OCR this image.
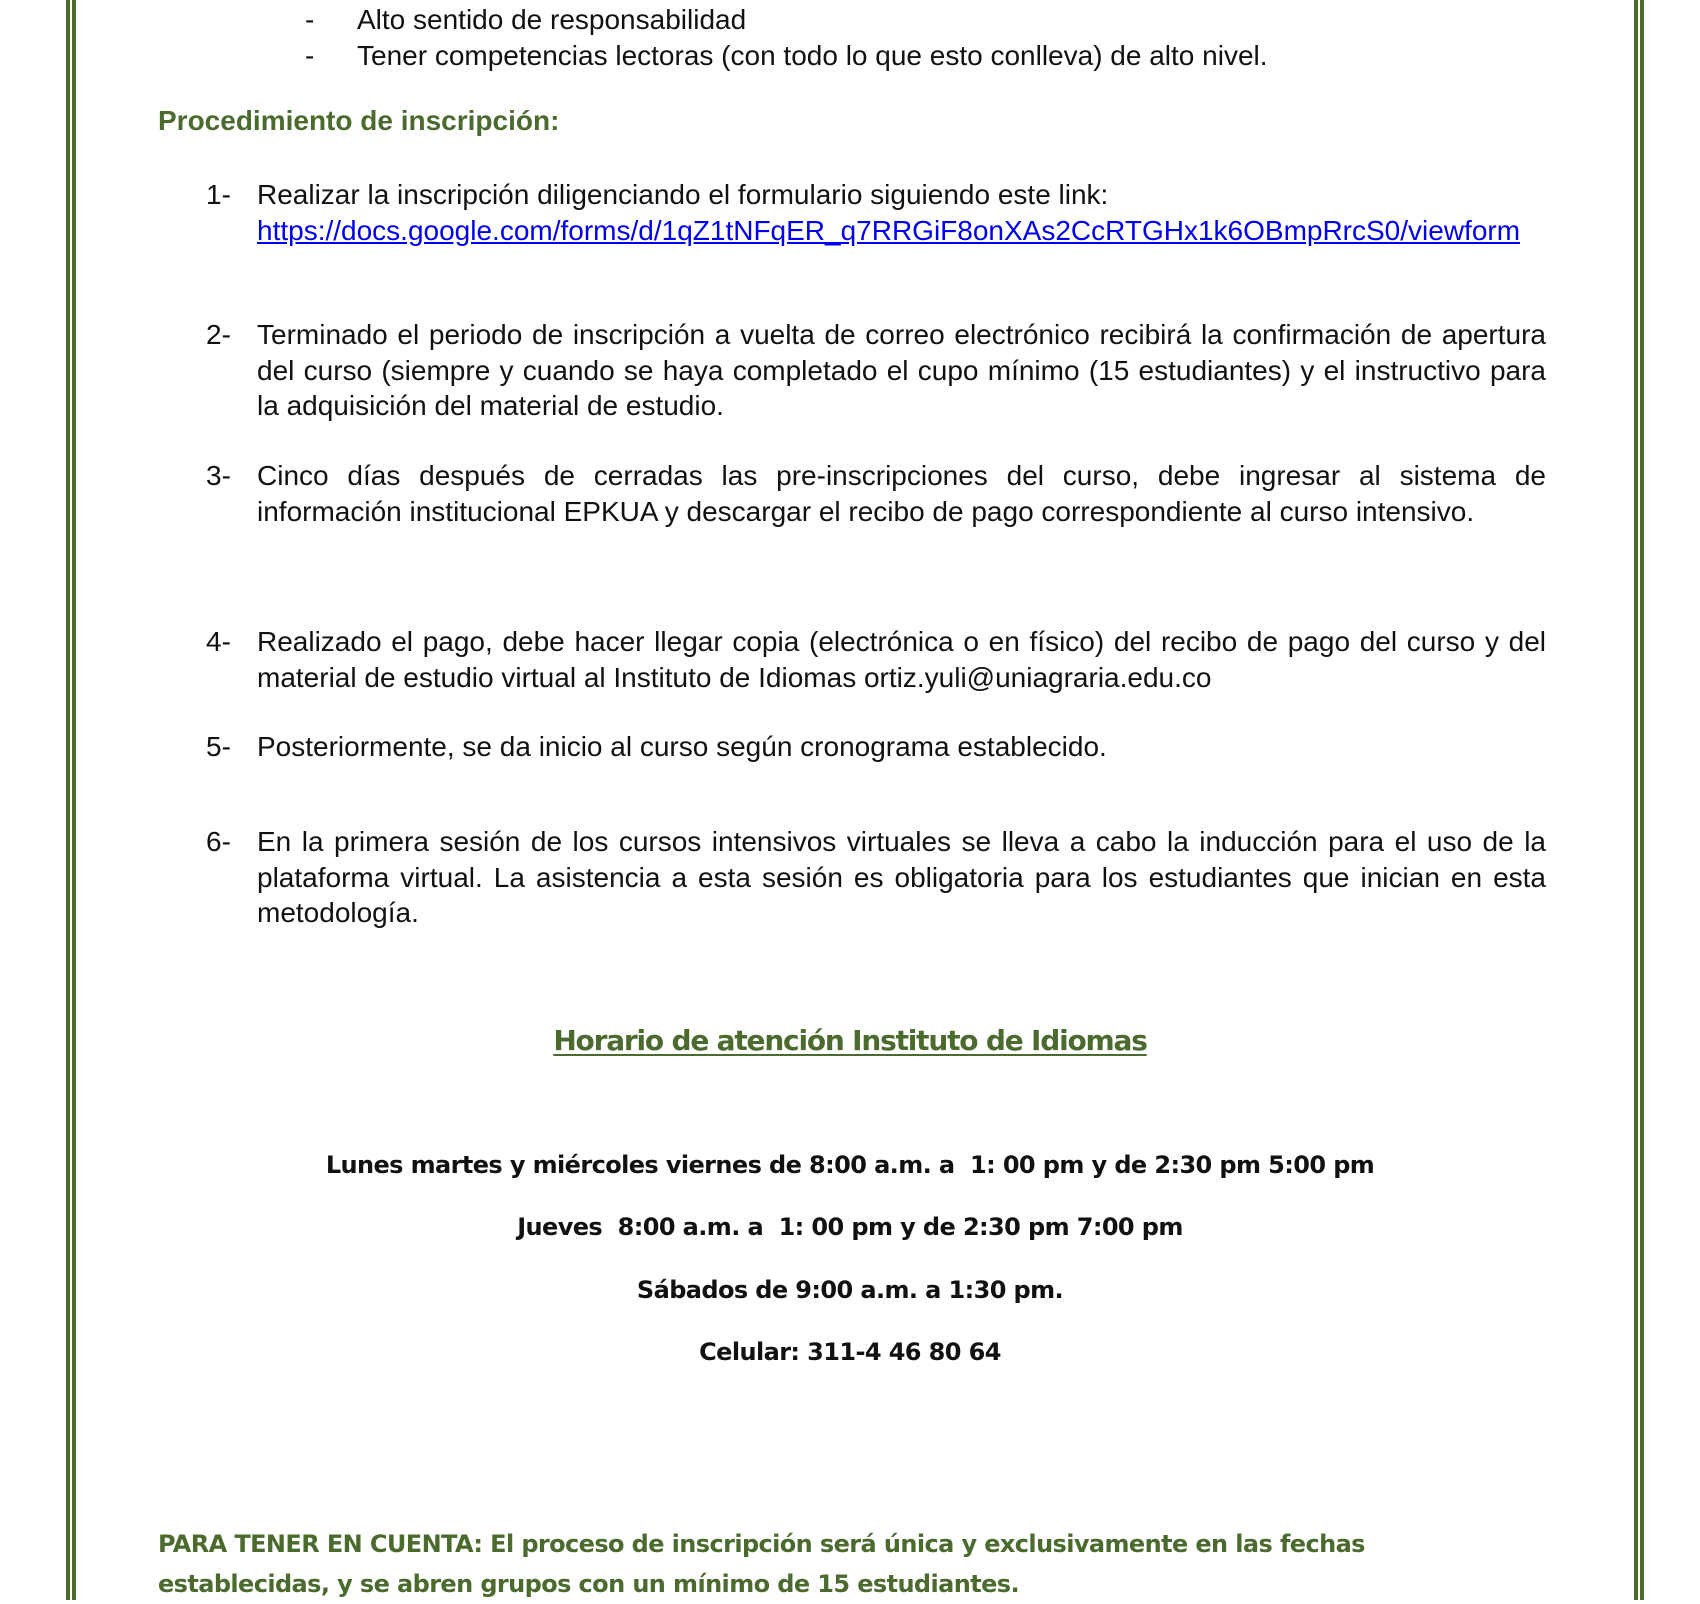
- Alto sentido de responsabilidad
- Tener competencias lectoras (con todo lo que esto conlleva) de alto nivel.
Procedimiento de inscripción:
1- Realizar la inscripción diligenciando el formulario siguiendo este link:
https://docs.google.com/forms/d/1qZ1tNFqER_q7RRGiF8onXAs2CcRTGHx1k6OBmpRrcS0/viewform
2- Terminado el periodo de inscripción a vuelta de correo electrónico recibirá la confirmación de apertura del curso (siempre y cuando se haya completado el cupo mínimo (15 estudiantes) y el instructivo para la adquisición del material de estudio.
3- Cinco días después de cerradas las pre-inscripciones del curso, debe ingresar al sistema de información institucional EPKUA y descargar el recibo de pago correspondiente al curso intensivo.
4- Realizado el pago, debe hacer llegar copia (electrónica o en físico) del recibo de pago del curso y del material de estudio virtual al Instituto de Idiomas ortiz.yuli@uniagraria.edu.co
5- Posteriormente, se da inicio al curso según cronograma establecido.
6- En la primera sesión de los cursos intensivos virtuales se lleva a cabo la inducción para el uso de la plataforma virtual. La asistencia a esta sesión es obligatoria para los estudiantes que inician en esta metodología.
Horario de atención Instituto de Idiomas
Lunes martes y miércoles viernes de 8:00 a.m. a  1: 00 pm y de 2:30 pm 5:00 pm
Jueves  8:00 a.m. a  1: 00 pm y de 2:30 pm 7:00 pm
Sábados de 9:00 a.m. a 1:30 pm.
Celular: 311-4 46 80 64
PARA TENER EN CUENTA: El proceso de inscripción será única y exclusivamente en las fechas establecidas, y se abren grupos con un mínimo de 15 estudiantes.
